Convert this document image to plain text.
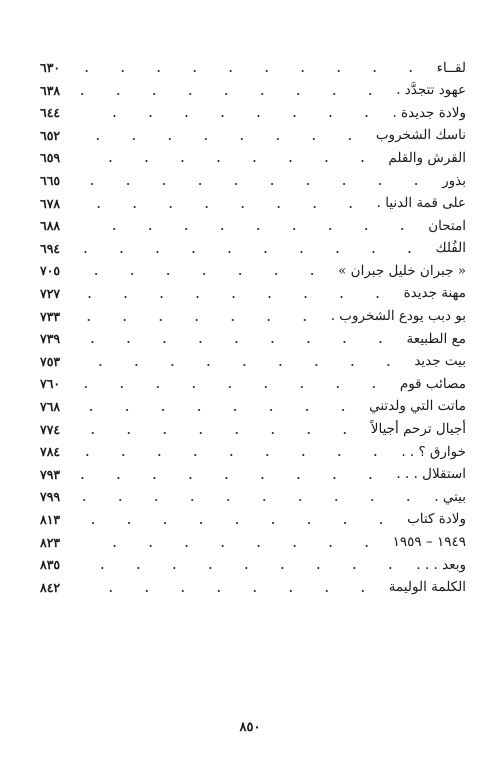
لقــاء
٦٣٠
عهود تتجدَّد .
٦٣٨
ولادة جديدة .
٦٤٤
ناسك الشخروب
٦٥٢
القرش والقلم
٦٥٩
بذور
٦٦٥
على قمة الدنيا .
٦٧٨
امتحان
٦٨٨
الفُلك
٦٩٤
« جبران خليل جبران »
٧٠٥
مهنة جديدة
٧٢٧
بو دبب يودع الشخروب .
٧٣٣
مع الطبيعة
٧٣٩
بيت جديد
٧٥٣
مصائب قوم
٧٦٠
ماتت التي ولدتني
٧٦٨
أجيال ترحم أجيالاً
٧٧٤
خوارق ؟ . .
٧٨٤
استقلال . . .
٧٩٣
بيتي .
٧٩٩
ولادة كتاب
٨١٣
١٩٤٩ – ١٩٥٩
٨٢٣
وبعد . . .
٨٣٥
الكلمة الوليمة
٨٤٢
٨٥٠
